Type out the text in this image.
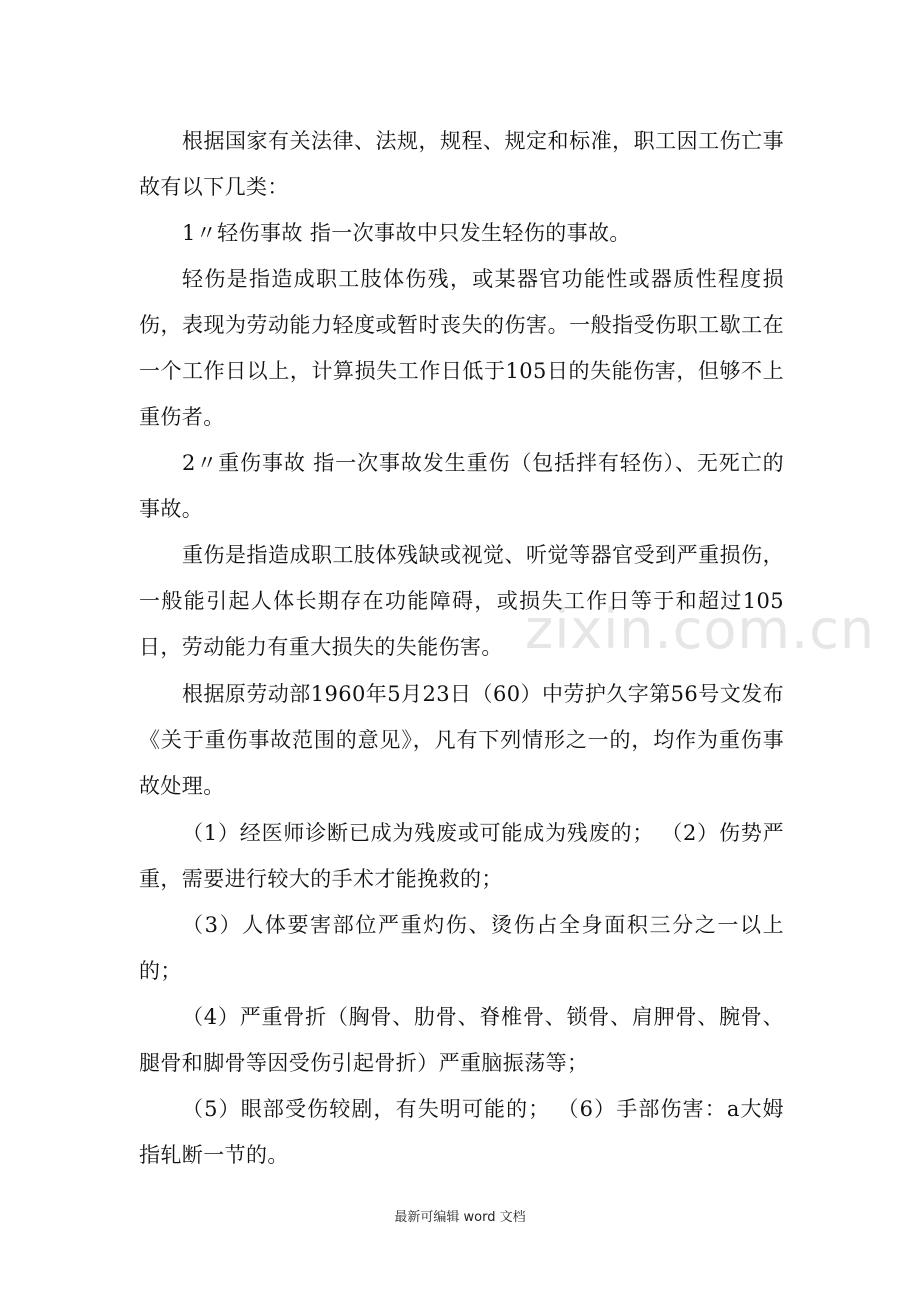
zixin.com.cn

根据国家有关法律、法规，规程、规定和标准，职工因工伤亡事故有以下几类：

1〃轻伤事故 指一次事故中只发生轻伤的事故。

轻伤是指造成职工肢体伤残，或某器官功能性或器质性程度损伤，表现为劳动能力轻度或暂时丧失的伤害。一般指受伤职工歇工在一个工作日以上，计算损失工作日低于105日的失能伤害，但够不上重伤者。

2〃重伤事故 指一次事故发生重伤（包括拌有轻伤）、无死亡的事故。

重伤是指造成职工肢体残缺或视觉、听觉等器官受到严重损伤，一般能引起人体长期存在功能障碍，或损失工作日等于和超过105日，劳动能力有重大损失的失能伤害。

根据原劳动部1960年5月23日（60）中劳护久字第56号文发布《关于重伤事故范围的意见》，凡有下列情形之一的，均作为重伤事故处理。

（1）经医师诊断已成为残废或可能成为残废的； （2）伤势严重，需要进行较大的手术才能挽救的；

（3）人体要害部位严重灼伤、烫伤占全身面积三分之一以上的；

（4）严重骨折（胸骨、肋骨、脊椎骨、锁骨、肩胛骨、腕骨、腿骨和脚骨等因受伤引起骨折）严重脑振荡等；

（5）眼部受伤较剧，有失明可能的； （6）手部伤害：a大姆指轧断一节的。

最新可编辑 word 文档
